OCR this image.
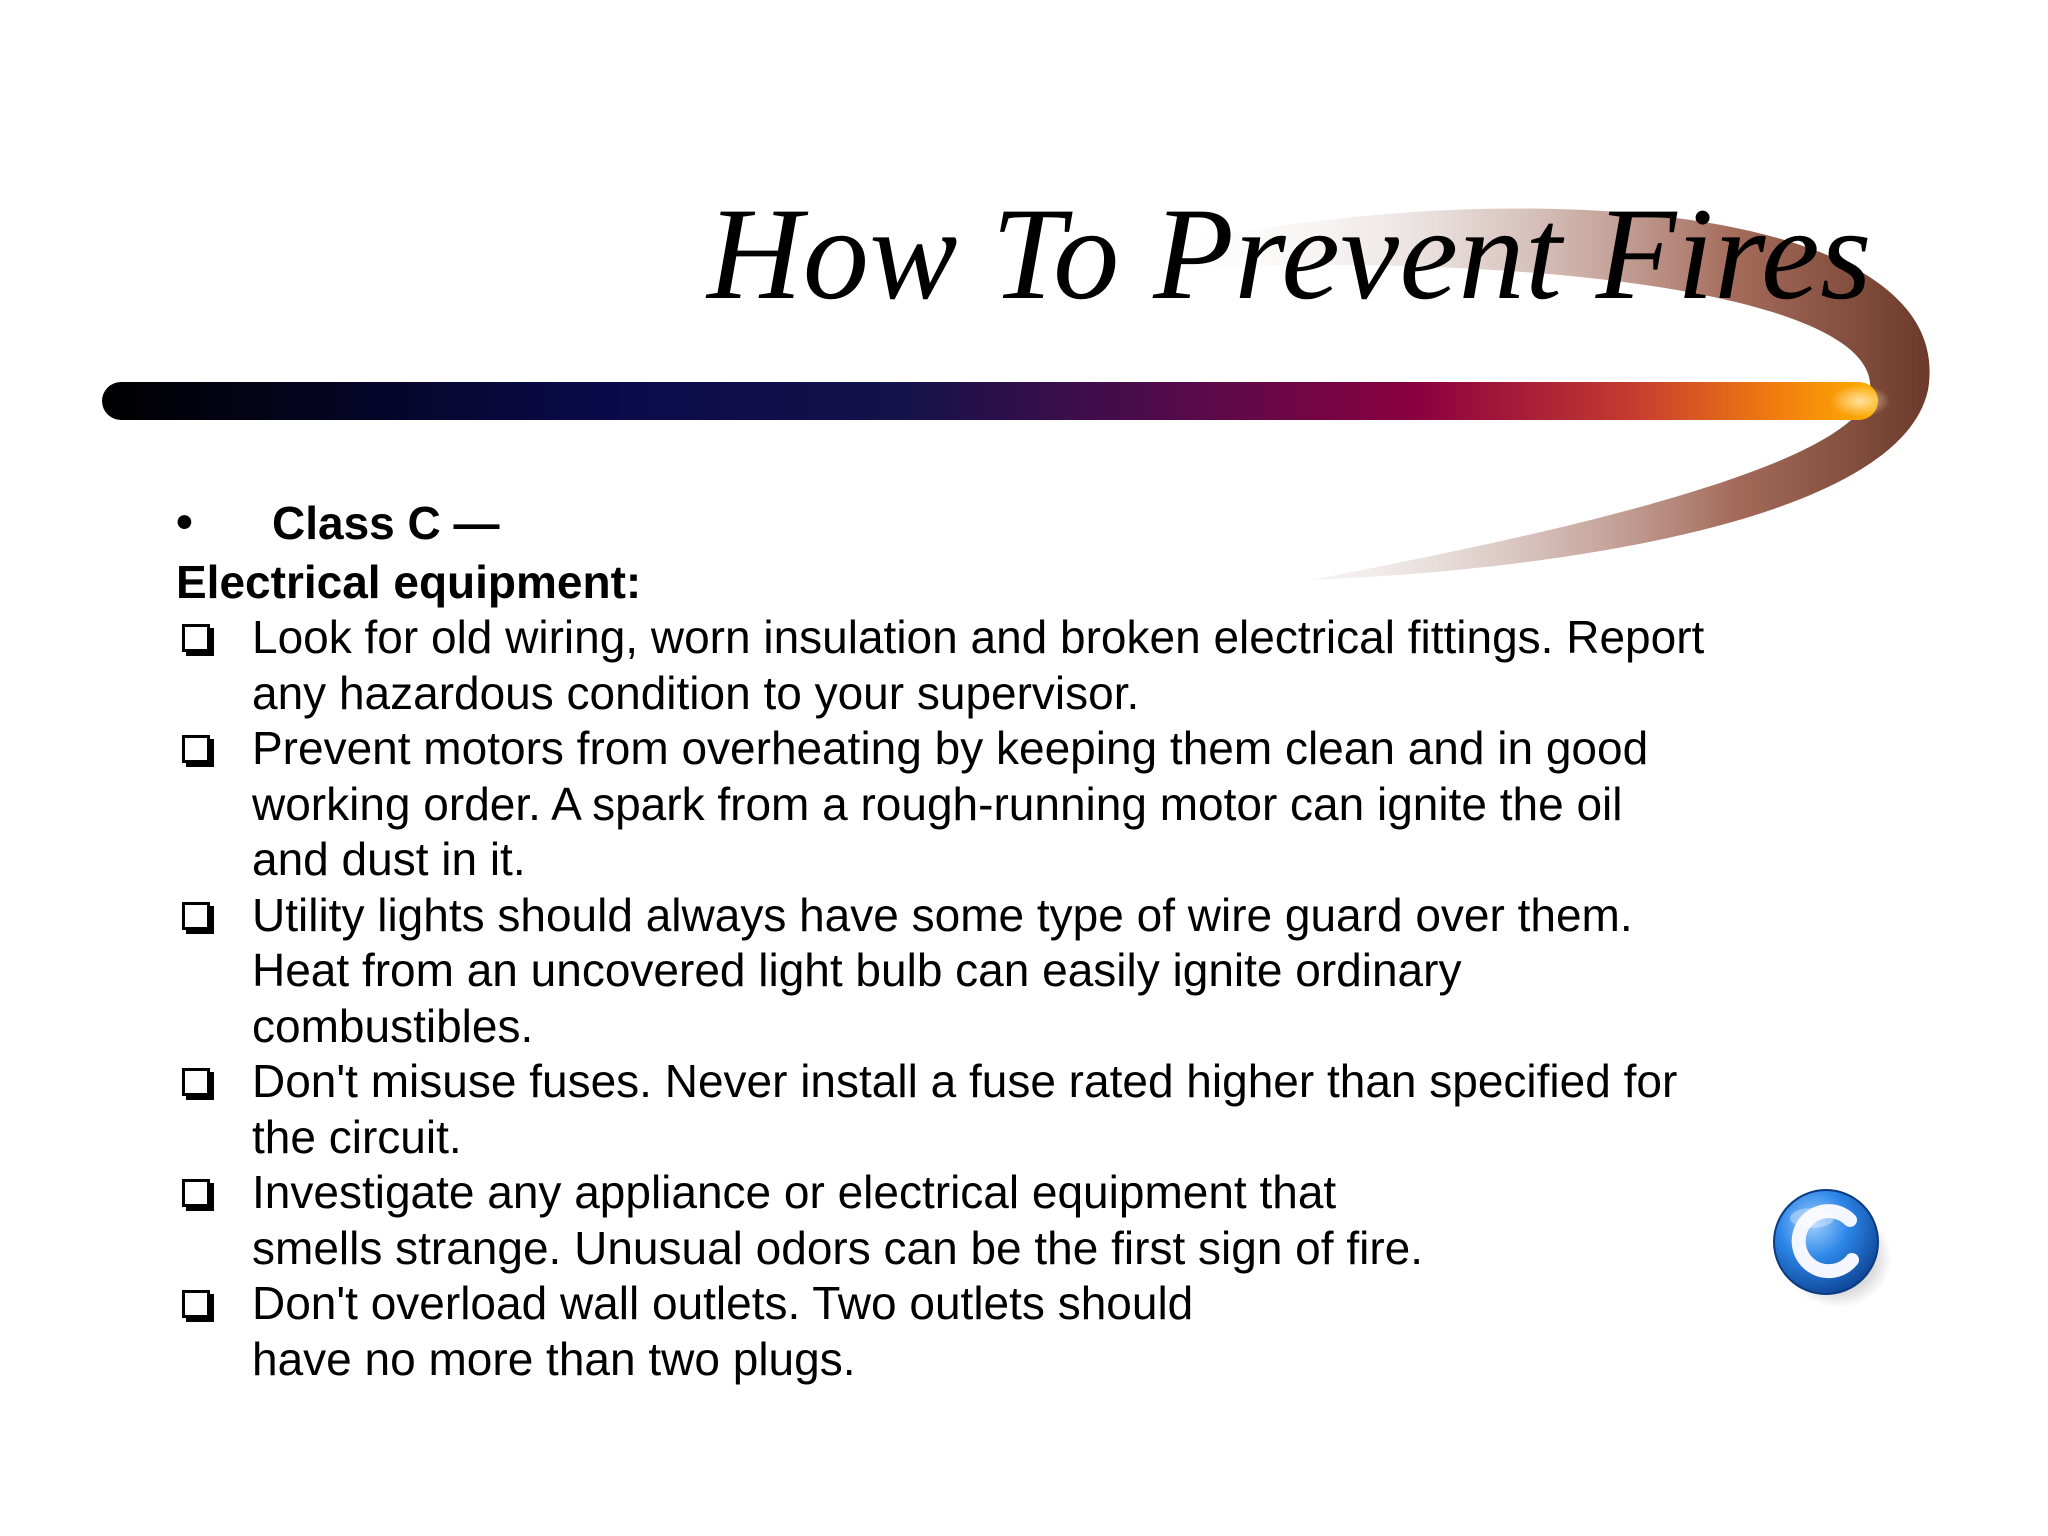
How To Prevent Fires
• Class C —

Electrical equipment:

Look for old wiring, worn insulation and broken electrical fittings. Report
any hazardous condition to your supervisor.
Prevent motors from overheating by keeping them clean and in good
working order. A spark from a rough-running motor can ignite the oil
and dust in it.
Utility lights should always have some type of wire guard over them.
Heat from an uncovered light bulb can easily ignite ordinary
combustibles.
Don't misuse fuses. Never install a fuse rated higher than specified for
the circuit.
Investigate any appliance or electrical equipment that
smells strange. Unusual odors can be the first sign of fire.
Don't overload wall outlets. Two outlets should
have no more than two plugs.
